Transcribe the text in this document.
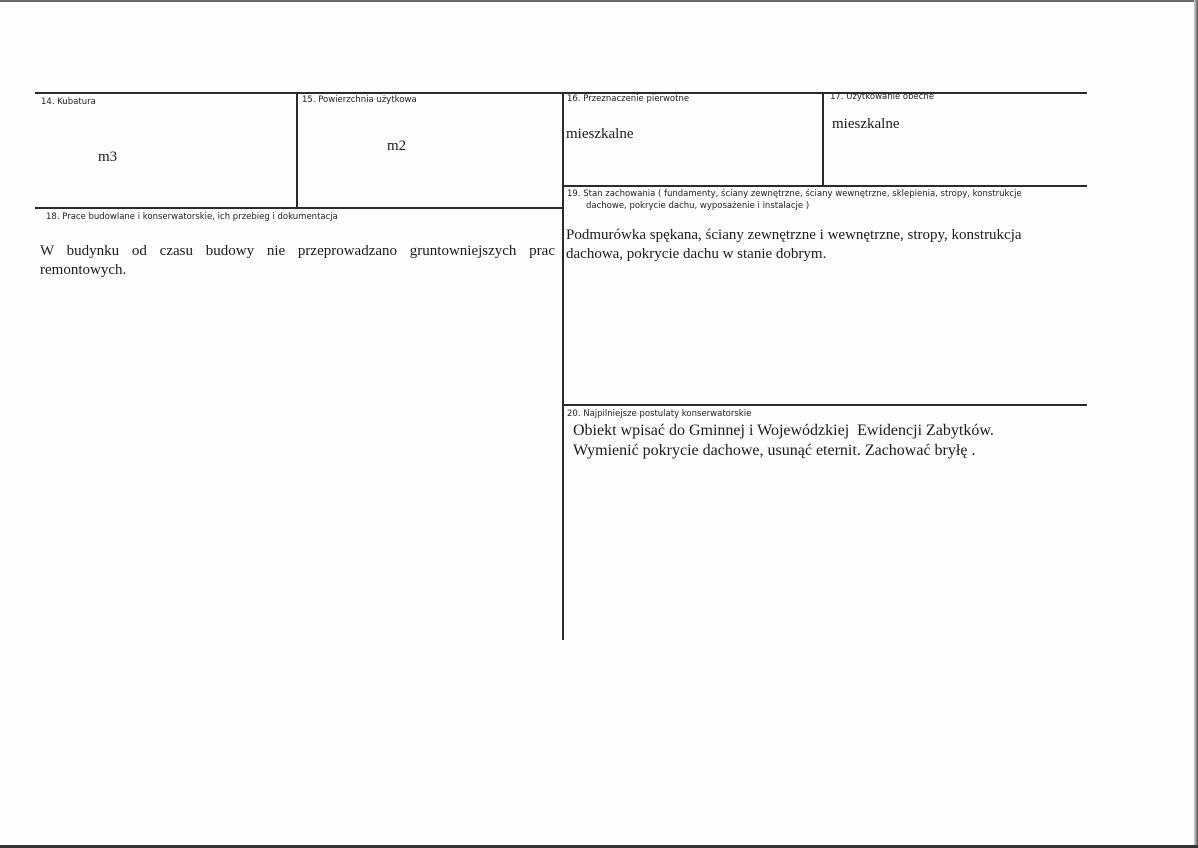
14. Kubatura
m3
15. Powierzchnia użytkowa
m2
16. Przeznaczenie pierwotne
mieszkalne
17. Użytkowanie obecne
mieszkalne
18. Prace budowlane i konserwatorskie, ich przebieg i dokumentacja
W budynku od czasu budowy nie przeprowadzano gruntowniejszych prac remontowych.
19. Stan zachowania ( fundamenty, ściany zewnętrzne, ściany wewnętrzne, sklepienia, stropy, konstrukcje
dachowe, pokrycie dachu, wyposażenie i instalacje )
Podmurówka spękana, ściany zewnętrzne i wewnętrzne, stropy, konstrukcja dachowa, pokrycie dachu w stanie dobrym.
20. Najpilniejsze postulaty konserwatorskie
Obiekt wpisać do Gminnej i Wojewódzkiej  Ewidencji Zabytków.
Wymienić pokrycie dachowe, usunąć eternit. Zachować bryłę .
